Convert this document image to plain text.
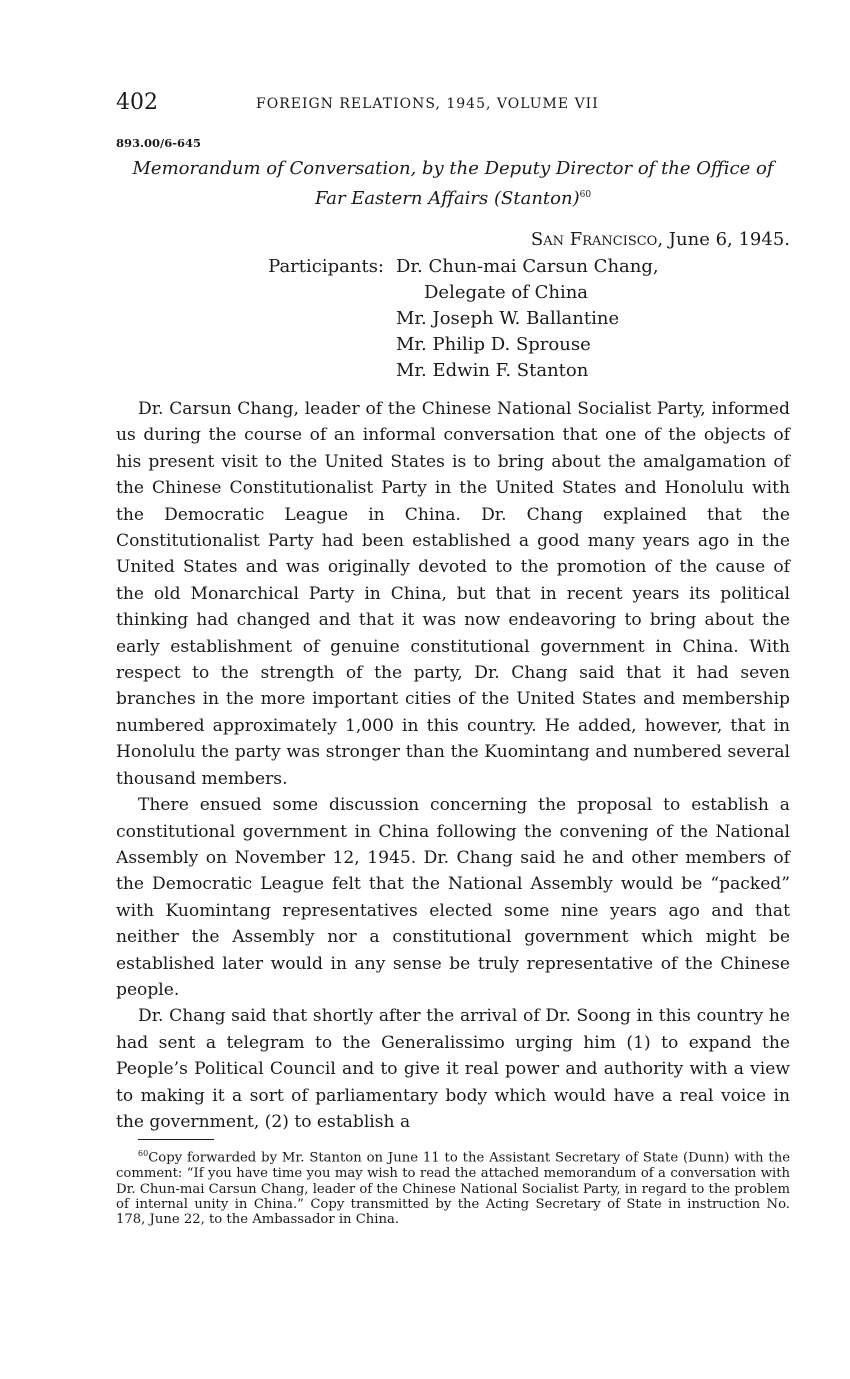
402	FOREIGN RELATIONS, 1945, VOLUME VII
893.00/6-645
Memorandum of Conversation, by the Deputy Director of the Office of Far Eastern Affairs (Stanton)$^{60}$
San Francisco, June 6, 1945.
Participants: Dr. Chun-mai Carsun Chang,
Delegate of China
Mr. Joseph W. Ballantine
Mr. Philip D. Sprouse
Mr. Edwin F. Stanton

Dr. Carsun Chang, leader of the Chinese National Socialist Party, informed us during the course of an informal conversation that one of the objects of his present visit to the United States is to bring about the amalgamation of the Chinese Constitutionalist Party in the United States and Honolulu with the Democratic League in China. Dr. Chang explained that the Constitutionalist Party had been established a good many years ago in the United States and was originally devoted to the promotion of the cause of the old Monarchical Party in China, but that in recent years its political thinking had changed and that it was now endeavoring to bring about the early establishment of genuine constitutional government in China. With respect to the strength of the party, Dr. Chang said that it had seven branches in the more important cities of the United States and membership numbered approximately 1,000 in this country. He added, however, that in Honolulu the party was stronger than the Kuomintang and numbered several thousand members.

There ensued some discussion concerning the proposal to establish a constitutional government in China following the convening of the National Assembly on November 12, 1945. Dr. Chang said he and other members of the Democratic League felt that the National Assembly would be “packed” with Kuomintang representatives elected some nine years ago and that neither the Assembly nor a constitutional government which might be established later would in any sense be truly representative of the Chinese people.

Dr. Chang said that shortly after the arrival of Dr. Soong in this country he had sent a telegram to the Generalissimo urging him (1) to expand the People’s Political Council and to give it real power and authority with a view to making it a sort of parliamentary body which would have a real voice in the government, (2) to establish a

$^{60}$Copy forwarded by Mr. Stanton on June 11 to the Assistant Secretary of State (Dunn) with the comment: “If you have time you may wish to read the attached memorandum of a conversation with Dr. Chun-mai Carsun Chang, leader of the Chinese National Socialist Party, in regard to the problem of internal unity in China.” Copy transmitted by the Acting Secretary of State in instruction No. 178, June 22, to the Ambassador in China.
